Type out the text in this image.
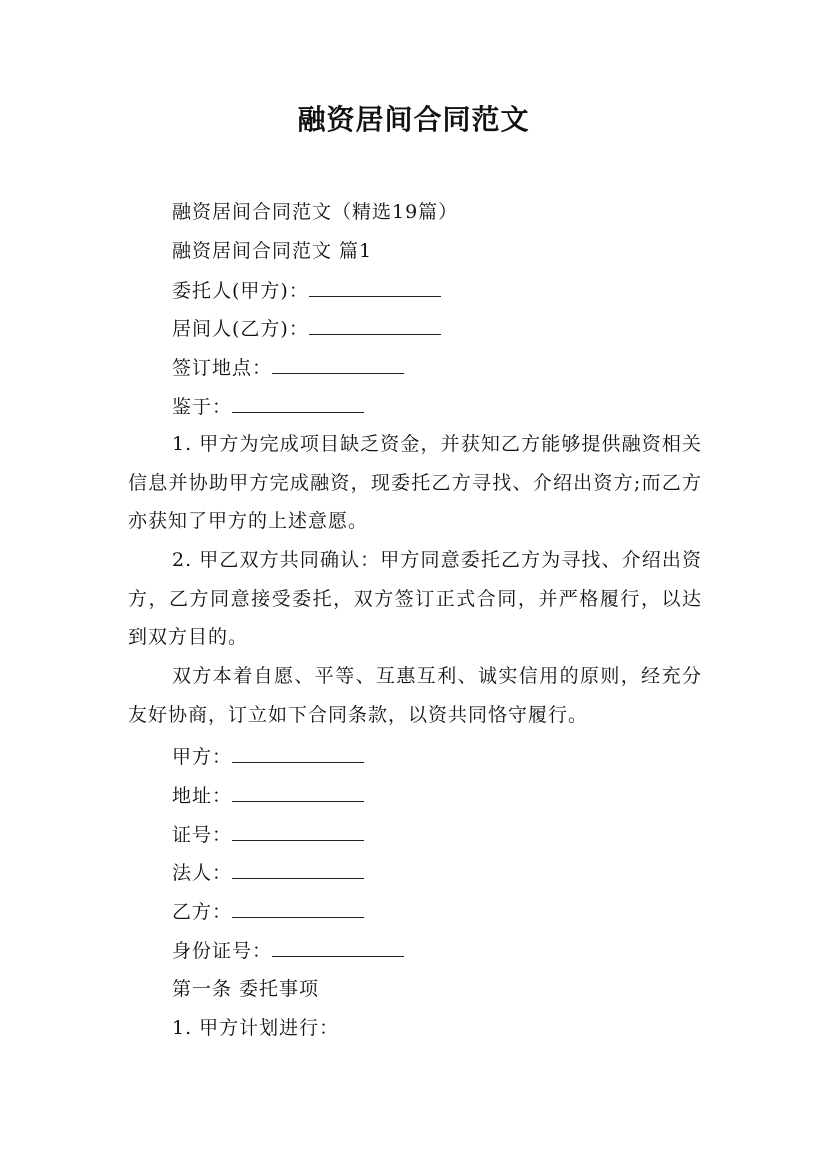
融资居间合同范文
融资居间合同范文（精选19篇）
融资居间合同范文 篇1
委托人(甲方)：
居间人(乙方)：
签订地点：
鉴于：
1. 甲方为完成项目缺乏资金，并获知乙方能够提供融资相关信息并协助甲方完成融资，现委托乙方寻找、介绍出资方;而乙方亦获知了甲方的上述意愿。
2. 甲乙双方共同确认：甲方同意委托乙方为寻找、介绍出资方，乙方同意接受委托，双方签订正式合同，并严格履行，以达到双方目的。
双方本着自愿、平等、互惠互利、诚实信用的原则，经充分友好协商，订立如下合同条款，以资共同恪守履行。
甲方：
地址：
证号：
法人：
乙方：
身份证号：
第一条 委托事项
1. 甲方计划进行：
